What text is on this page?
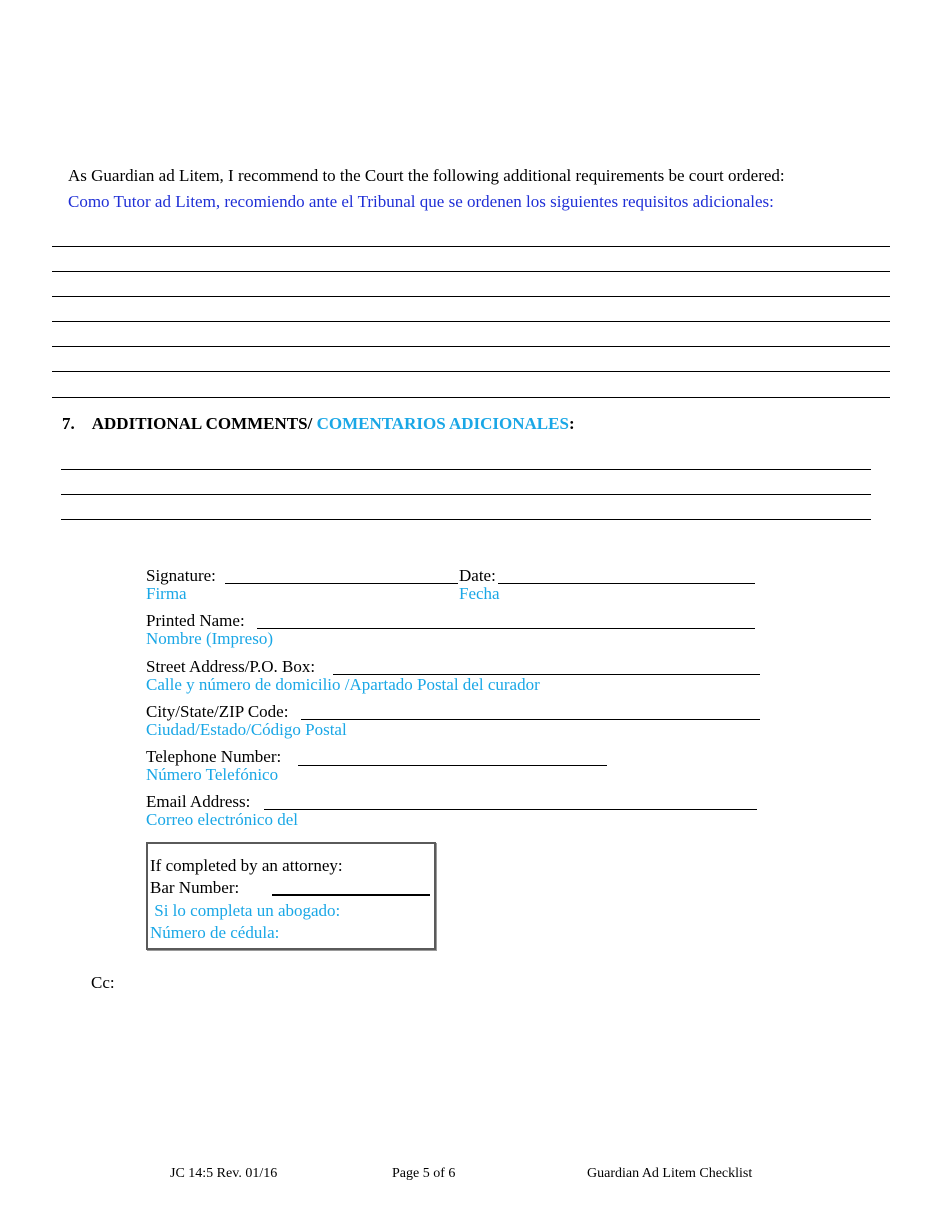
As Guardian ad Litem, I recommend to the Court the following additional requirements be court ordered:
Como Tutor ad Litem, recomiendo ante el Tribunal que se ordenen los siguientes requisitos adicionales:
7. ADDITIONAL COMMENTS/ COMENTARIOS ADICIONALES:
Signature:	Date:
Firma	Fecha
Printed Name:
Nombre (Impreso)
Street Address/P.O. Box:
Calle y número de domicilio /Apartado Postal del curador
City/State/ZIP Code:
Ciudad/Estado/Código Postal
Telephone Number:
Número Telefónico
Email Address:
Correo electrónico del
If completed by an attorney:
Bar Number:
Si lo completa un abogado:
Número de cédula:
Cc:
JC 14:5 Rev. 01/16	Page 5 of 6	Guardian Ad Litem Checklist
